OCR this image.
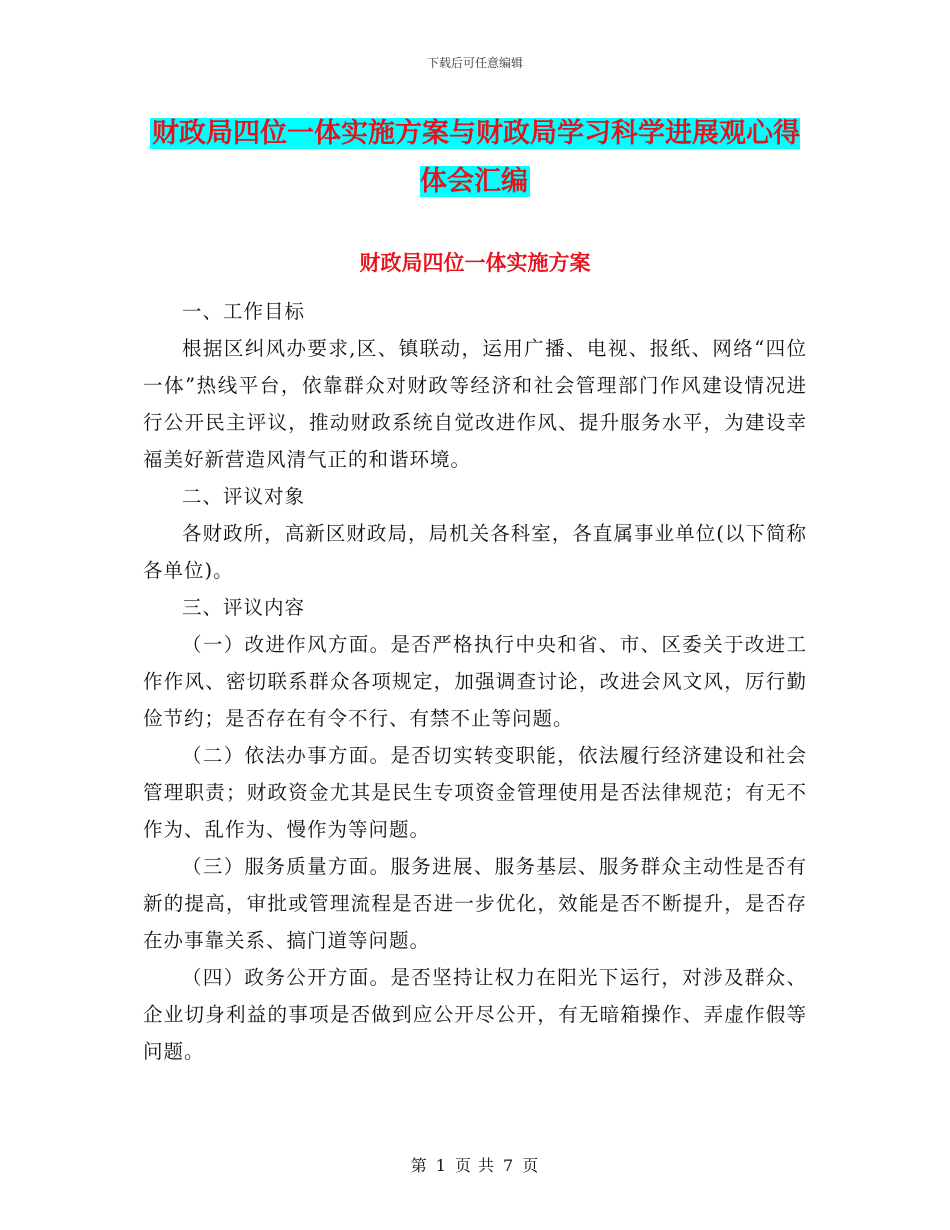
下载后可任意编辑
财政局四位一体实施方案与财政局学习科学进展观心得体会汇编
财政局四位一体实施方案

一、工作目标

根据区纠风办要求,区、镇联动，运用广播、电视、报纸、网络“四位一体”热线平台，依靠群众对财政等经济和社会管理部门作风建设情况进行公开民主评议，推动财政系统自觉改进作风、提升服务水平，为建设幸福美好新营造风清气正的和谐环境。

二、评议对象

各财政所，高新区财政局，局机关各科室，各直属事业单位(以下简称各单位)。

三、评议内容

（一）改进作风方面。是否严格执行中央和省、市、区委关于改进工作作风、密切联系群众各项规定，加强调查讨论，改进会风文风，厉行勤俭节约；是否存在有令不行、有禁不止等问题。

（二）依法办事方面。是否切实转变职能，依法履行经济建设和社会管理职责；财政资金尤其是民生专项资金管理使用是否法律规范；有无不作为、乱作为、慢作为等问题。

（三）服务质量方面。服务进展、服务基层、服务群众主动性是否有新的提高，审批或管理流程是否进一步优化，效能是否不断提升，是否存在办事靠关系、搞门道等问题。

（四）政务公开方面。是否坚持让权力在阳光下运行，对涉及群众、企业切身利益的事项是否做到应公开尽公开，有无暗箱操作、弄虚作假等问题。

第 1 页 共 7 页
